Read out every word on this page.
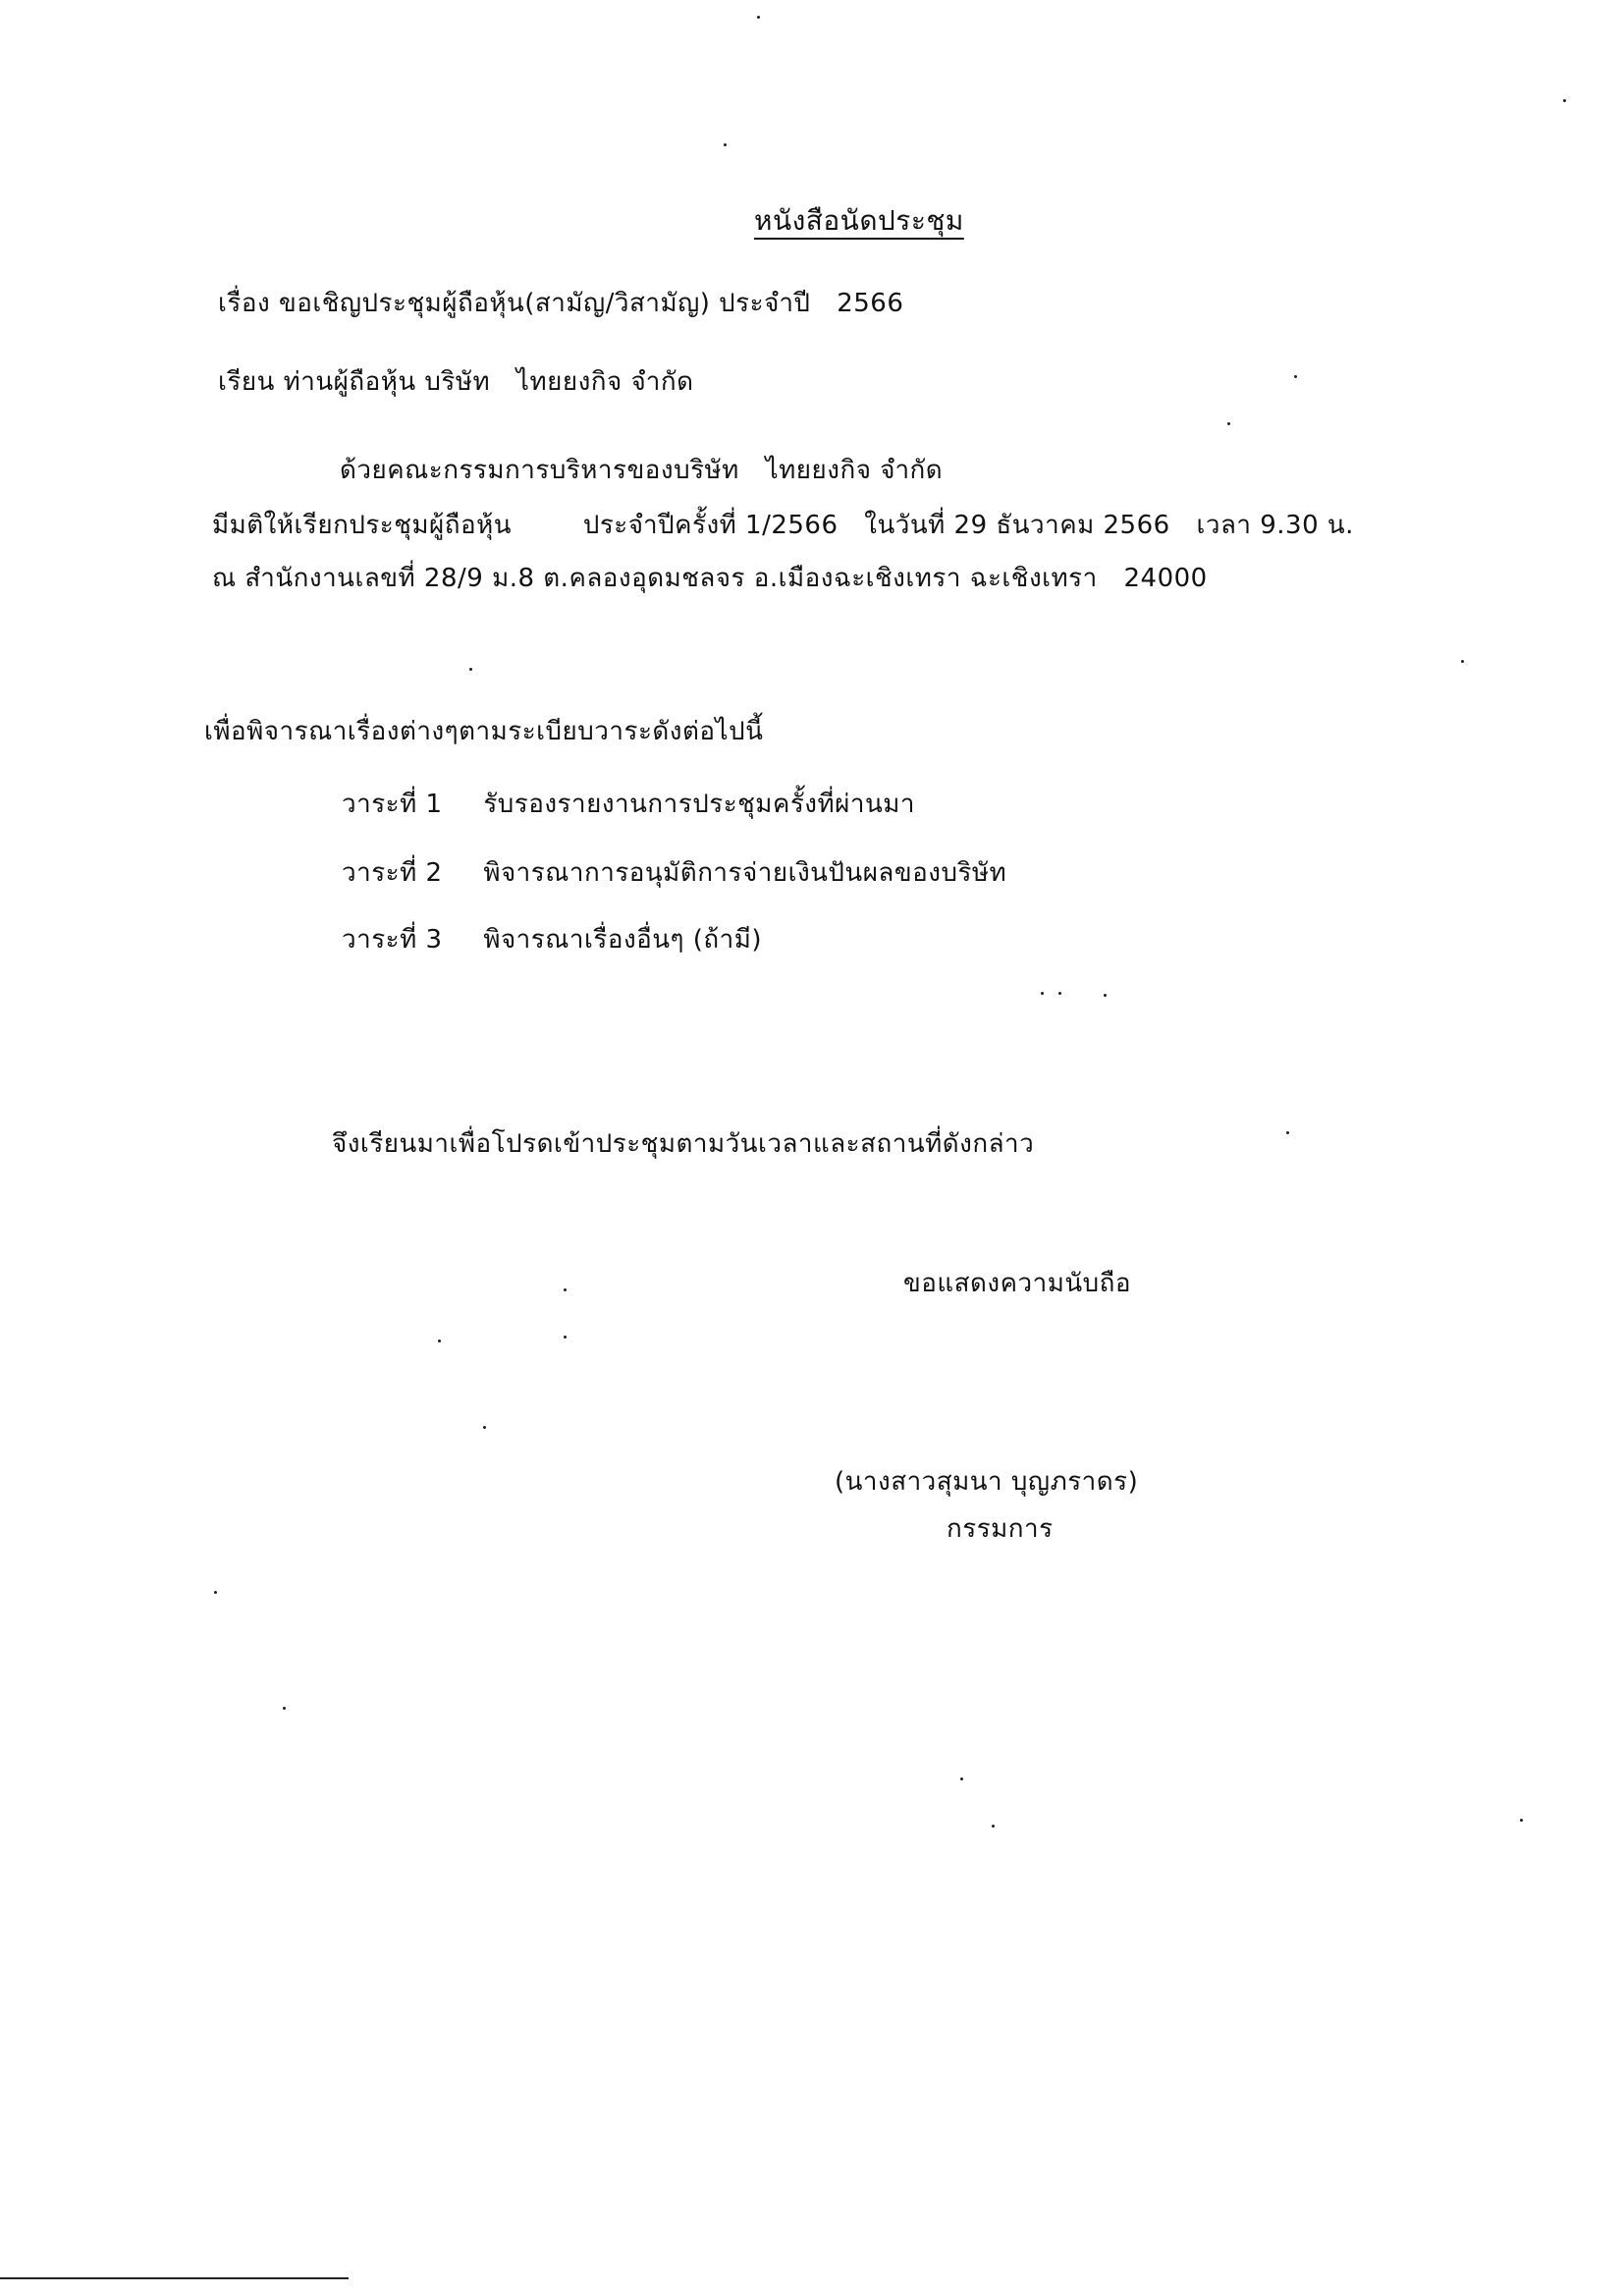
หนังสือนัดประชุม
เรื่อง ขอเชิญประชุมผู้ถือหุ้น(สามัญ/วิสามัญ) ประจำปี 2566
เรียน ท่านผู้ถือหุ้น บริษัท ไทยยงกิจ จำกัด
ด้วยคณะกรรมการบริหารของบริษัท ไทยยงกิจ จำกัด
มีมติให้เรียกประชุมผู้ถือหุ้น	ประจำปีครั้งที่ 1/2566 ในวันที่ 29 ธันวาคม 2566 เวลา 9.30 น.
ณ สำนักงานเลขที่ 28/9 ม.8 ต.คลองอุดมชลจร อ.เมืองฉะเชิงเทรา ฉะเชิงเทรา 24000
เพื่อพิจารณาเรื่องต่างๆตามระเบียบวาระดังต่อไปนี้
วาระที่ 1 รับรองรายงานการประชุมครั้งที่ผ่านมา
วาระที่ 2 พิจารณาการอนุมัติการจ่ายเงินปันผลของบริษัท
วาระที่ 3 พิจารณาเรื่องอื่นๆ (ถ้ามี)
จึงเรียนมาเพื่อโปรดเข้าประชุมตามวันเวลาและสถานที่ดังกล่าว
ขอแสดงความนับถือ
(นางสาวสุมนา บุญภราดร)
กรรมการ
